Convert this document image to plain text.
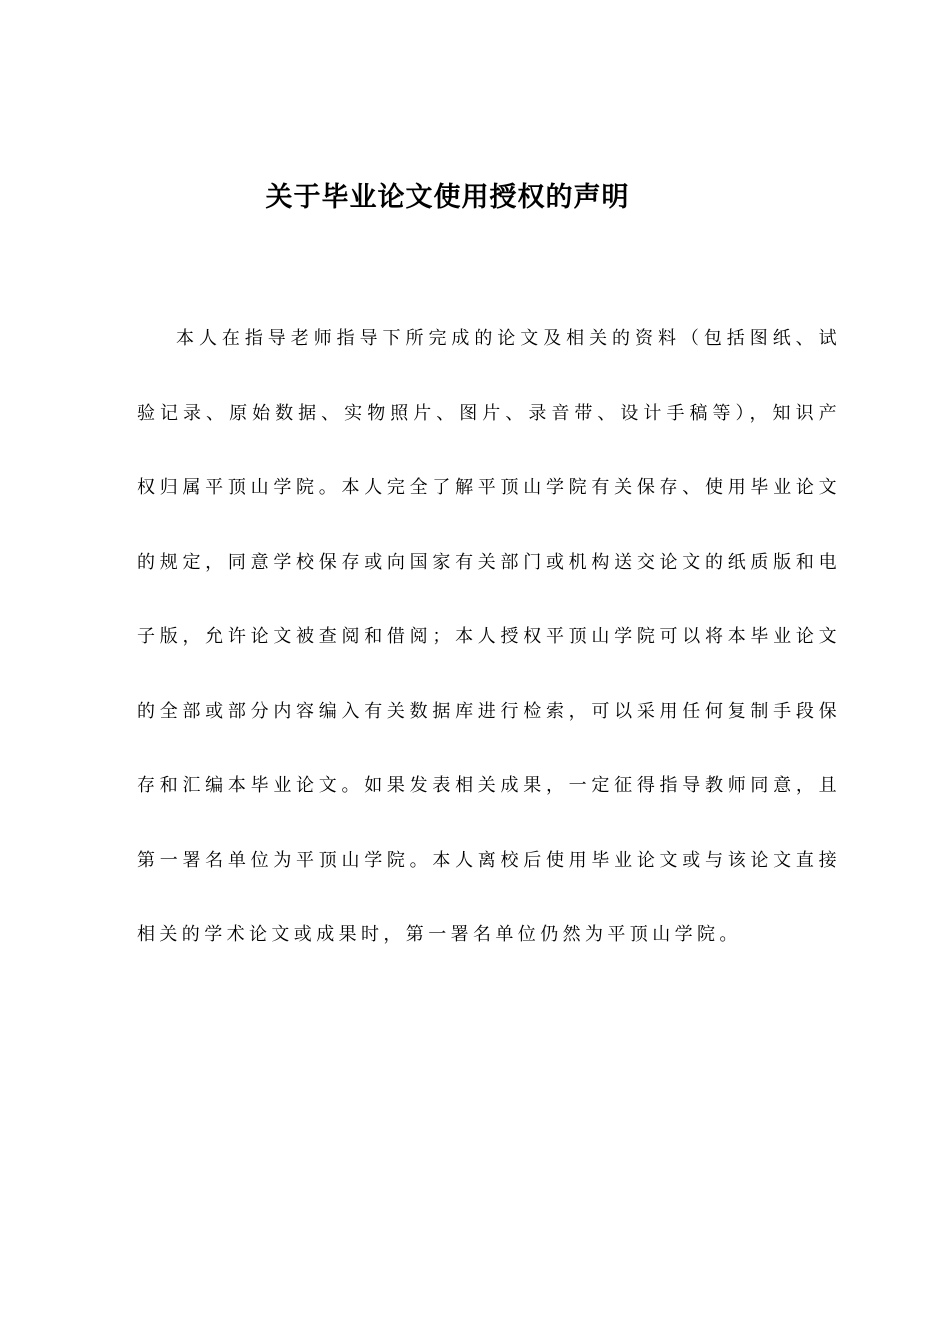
关于毕业论文使用授权的声明

本人在指导老师指导下所完成的论文及相关的资料（包括图纸、试验记录、原始数据、实物照片、图片、录音带、设计手稿等），知识产权归属平顶山学院。本人完全了解平顶山学院有关保存、使用毕业论文的规定，同意学校保存或向国家有关部门或机构送交论文的纸质版和电子版，允许论文被查阅和借阅；本人授权平顶山学院可以将本毕业论文的全部或部分内容编入有关数据库进行检索，可以采用任何复制手段保存和汇编本毕业论文。如果发表相关成果，一定征得指导教师同意，且第一署名单位为平顶山学院。本人离校后使用毕业论文或与该论文直接相关的学术论文或成果时，第一署名单位仍然为平顶山学院。
